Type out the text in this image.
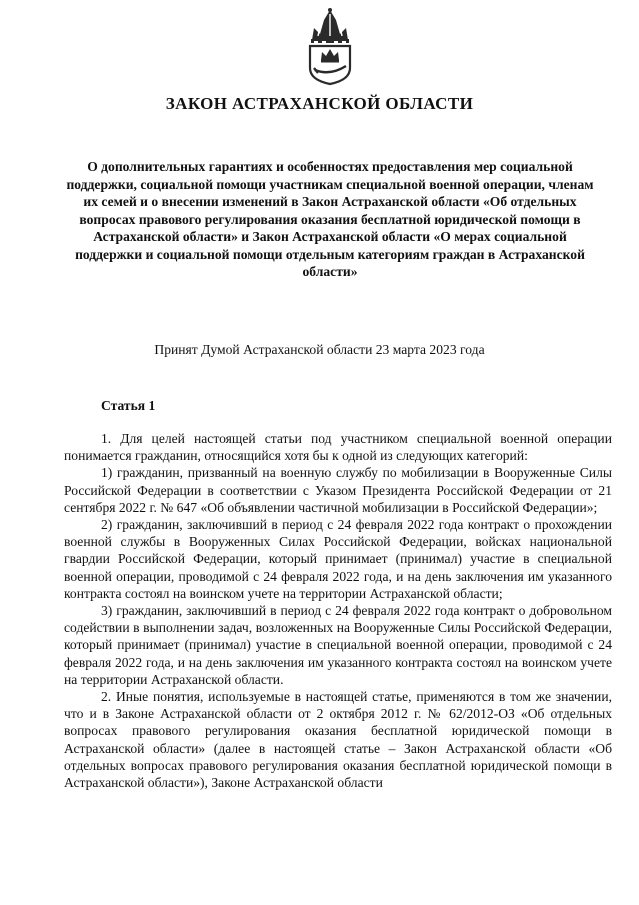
ЗАКОН АСТРАХАНСКОЙ ОБЛАСТИ

О дополнительных гарантиях и особенностях предоставления мер социальной поддержки, социальной помощи участникам специальной военной операции, членам их семей и о внесении изменений в Закон Астраханской области «Об отдельных вопросах правового регулирования оказания бесплатной юридической помощи в Астраханской области» и Закон Астраханской области «О мерах социальной поддержки и социальной помощи отдельным категориям граждан в Астраханской области»

Принят Думой Астраханской области 23 марта 2023 года

Статья 1

1. Для целей настоящей статьи под участником специальной военной операции понимается гражданин, относящийся хотя бы к одной из следующих категорий:

1) гражданин, призванный на военную службу по мобилизации в Вооруженные Силы Российской Федерации в соответствии с Указом Президента Российской Федерации от 21 сентября 2022 г. № 647 «Об объявлении частичной мобилизации в Российской Федерации»;

2) гражданин, заключивший в период с 24 февраля 2022 года контракт о прохождении военной службы в Вооруженных Силах Российской Федерации, войсках национальной гвардии Российской Федерации, который принимает (принимал) участие в специальной военной операции, проводимой с 24 февраля 2022 года, и на день заключения им указанного контракта состоял на воинском учете на территории Астраханской области;

3) гражданин, заключивший в период с 24 февраля 2022 года контракт о добровольном содействии в выполнении задач, возложенных на Вооруженные Силы Российской Федерации, который принимает (принимал) участие в специальной военной операции, проводимой с 24 февраля 2022 года, и на день заключения им указанного контракта состоял на воинском учете на территории Астраханской области.

2. Иные понятия, используемые в настоящей статье, применяются в том же значении, что и в Законе Астраханской области от 2 октября 2012 г. № 62/2012-ОЗ «Об отдельных вопросах правового регулирования оказания бесплатной юридической помощи в Астраханской области» (далее в настоящей статье – Закон Астраханской области «Об отдельных вопросах правового регулирования оказания бесплатной юридической помощи в Астраханской области»), Законе Астраханской области
